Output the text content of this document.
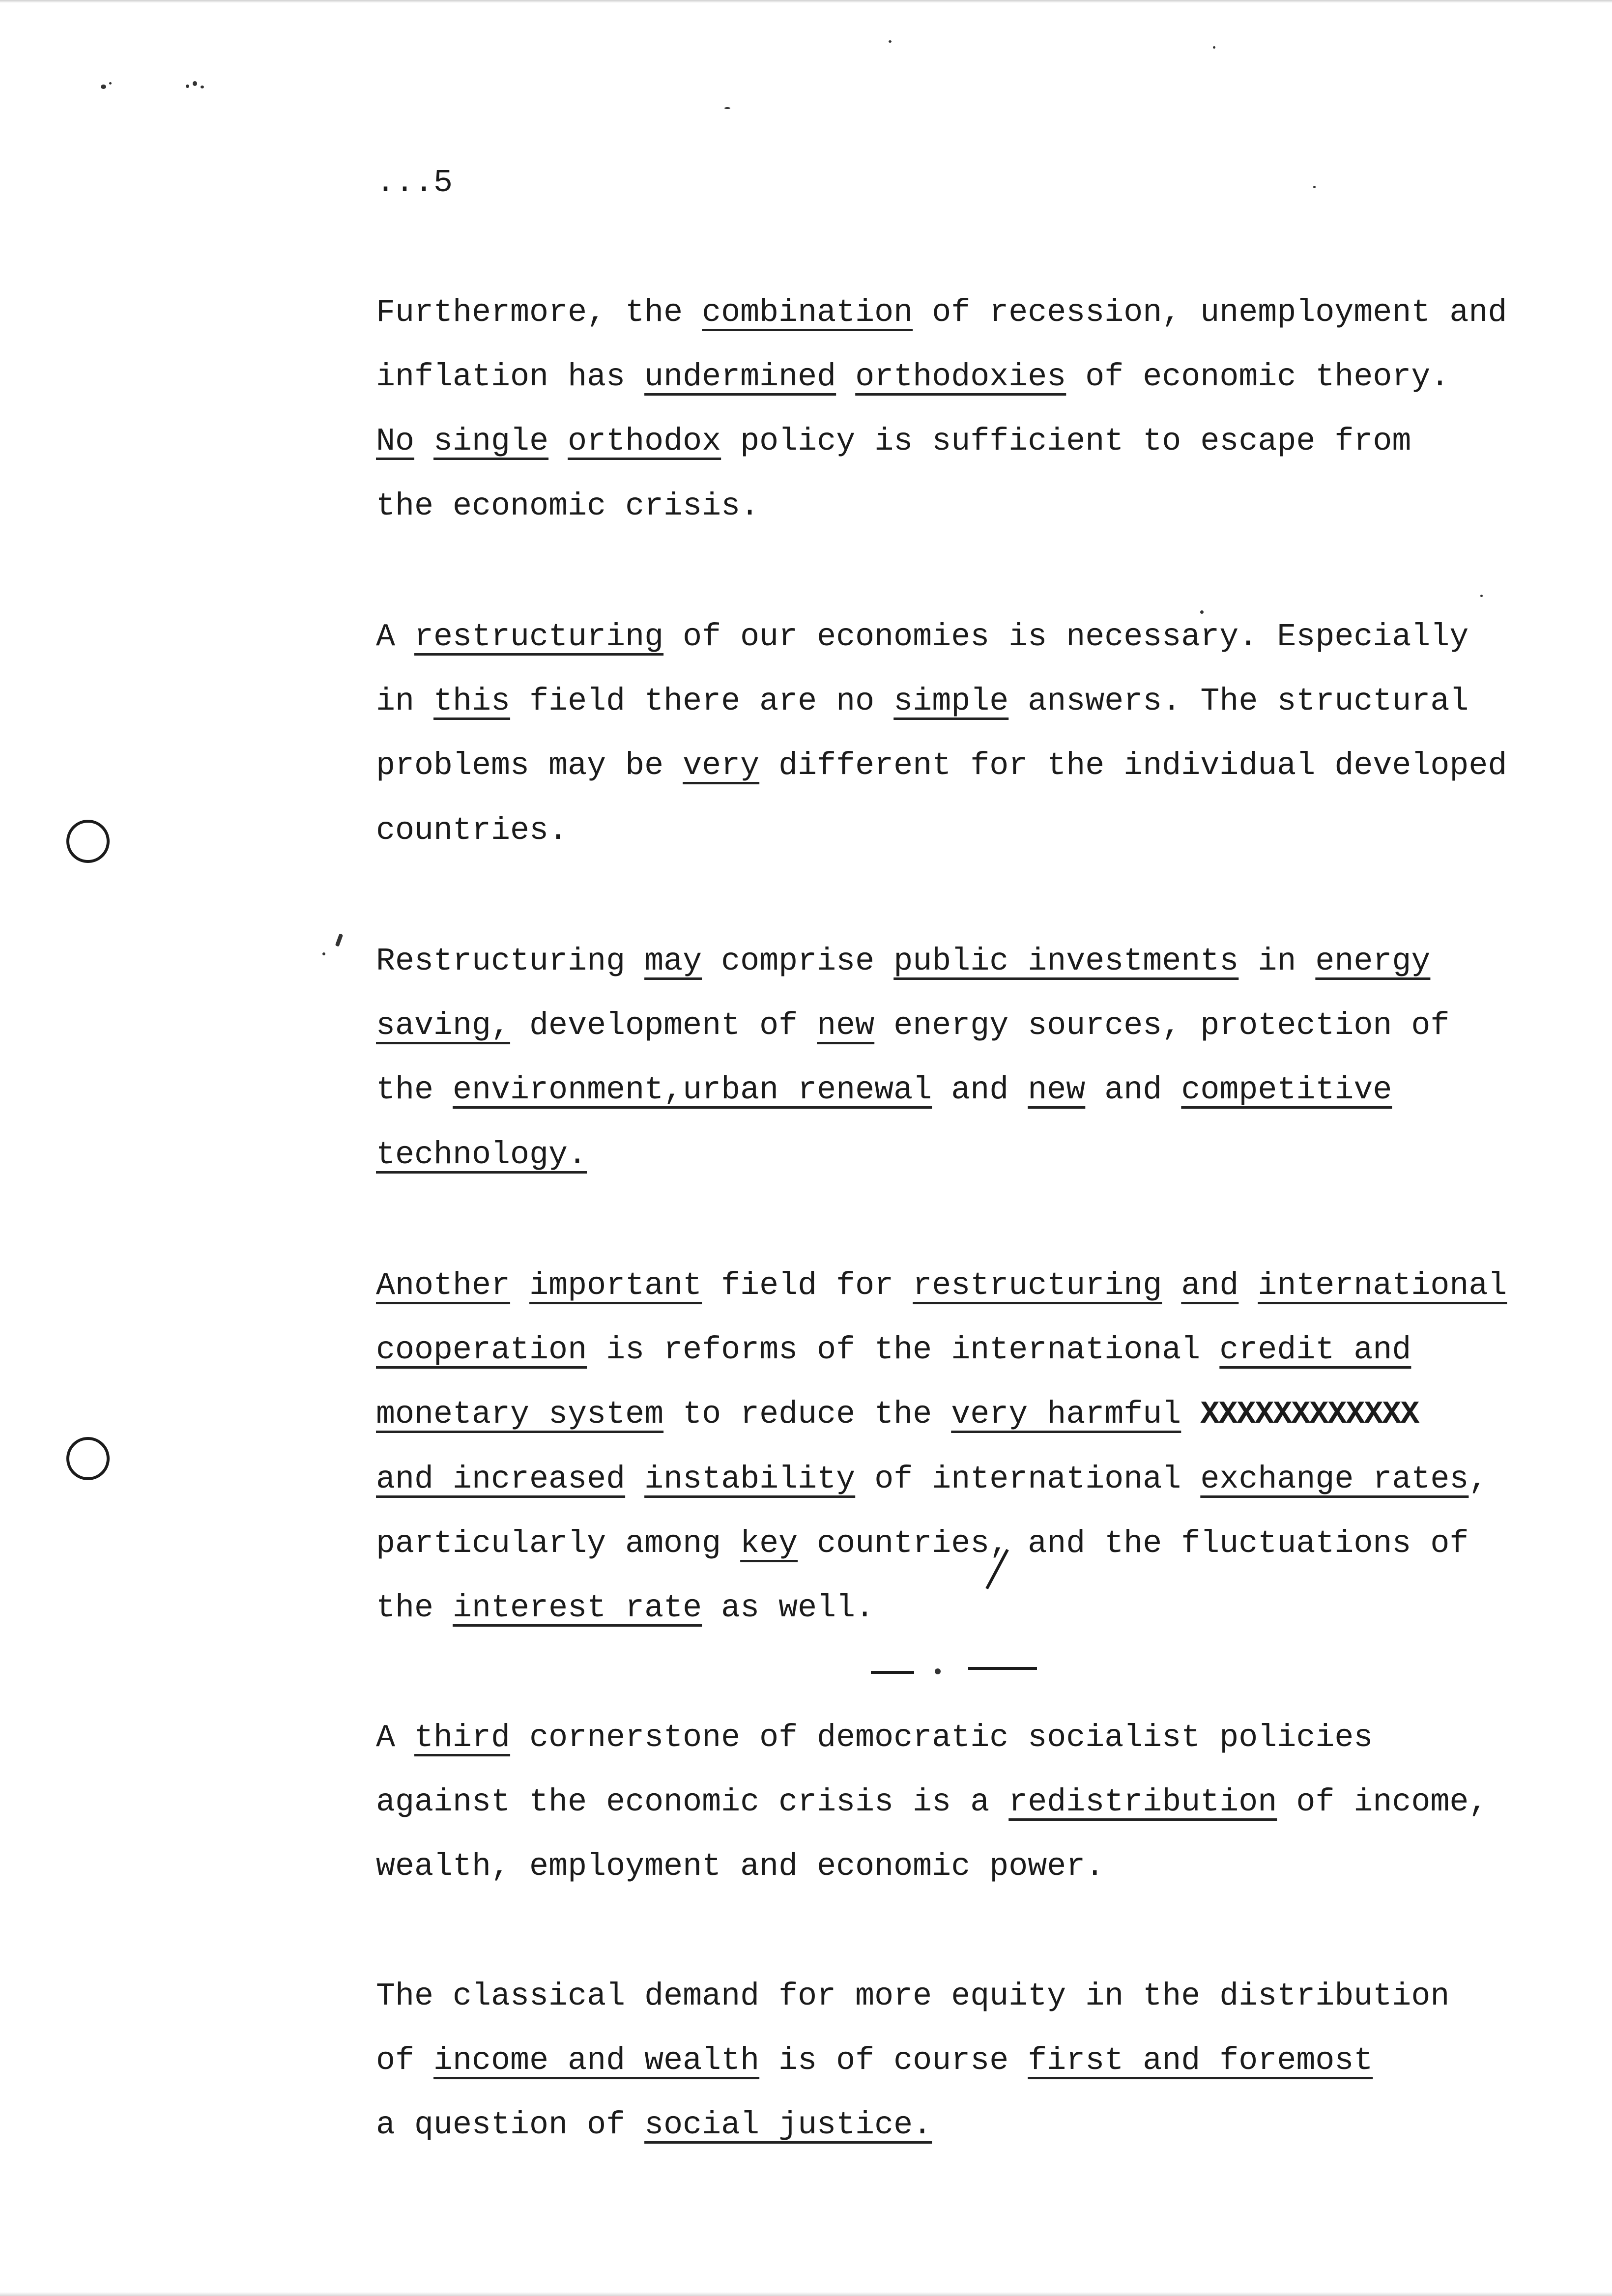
...5
Furthermore, the combination of recession, unemployment and
inflation has undermined orthodoxies of economic theory.
No single orthodox policy is sufficient to escape from
the economic crisis.
A restructuring of our economies is necessary. Especially
in this field there are no simple answers. The structural
problems may be very different for the individual developed
countries.
Restructuring may comprise public investments in energy
saving, development of new energy sources, protection of
the environment,urban renewal and new and competitive
technology.
Another important field for restructuring and international
cooperation is reforms of the international credit and
monetary system to reduce the very harmful XXXXXXXXXXXX
and increased instability of international exchange rates,
particularly among key countries, and the fluctuations of
the interest rate as well.
A third cornerstone of democratic socialist policies
against the economic crisis is a redistribution of income,
wealth, employment and economic power.
The classical demand for more equity in the distribution
of income and wealth is of course first and foremost
a question of social justice.
